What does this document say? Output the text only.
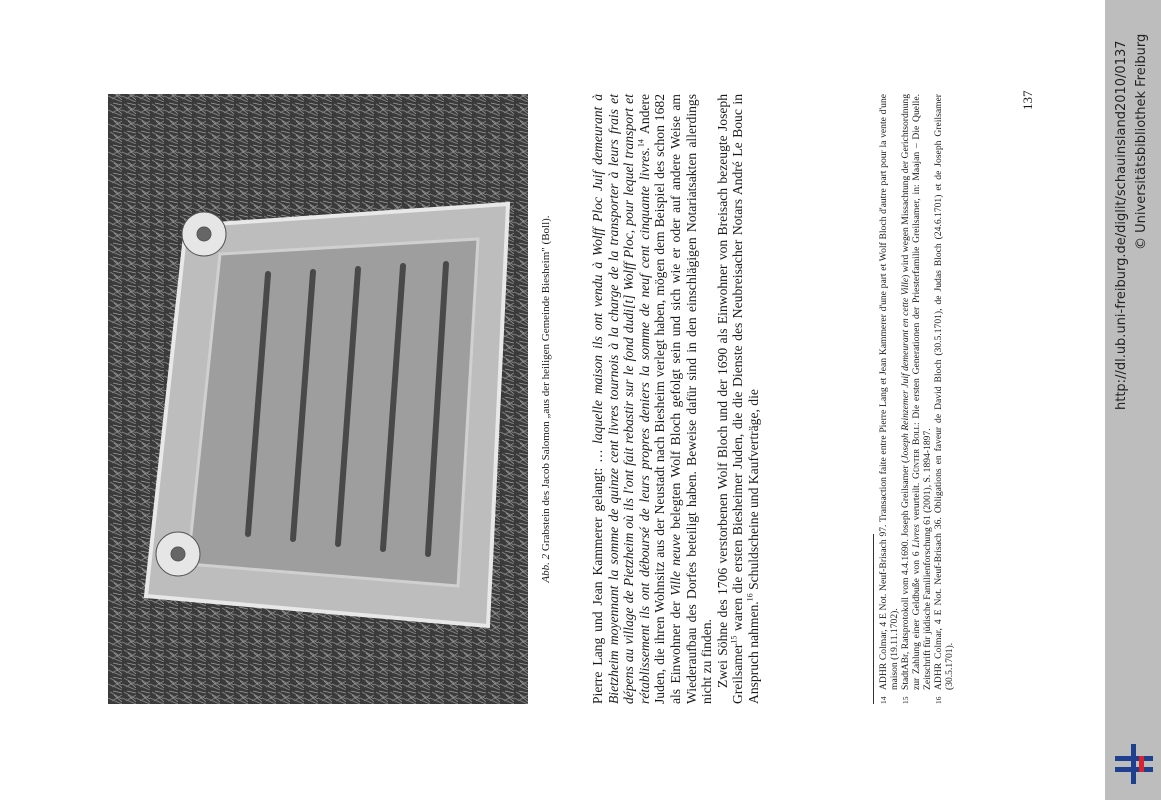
Abb. 2 Grabstein des Jacob Salomon „aus der heiligen Gemeinde Biesheim" (Boll).

Pierre Lang und Jean Kammerer gelangt: … laquelle maison ils ont vendu à Wolff Ploc Juif demeurant à Bietzheim moyennant la somme de quinze cent livres tournois à la charge de la transporter à leurs frais et dépens au village de Pietzheim où ils l'ont fait rebastir sur le fond dudi[t] Wolff Ploc, pour lequel transport et rétablissement ils ont déboursé de leurs propres deniers la somme de neuf cent cinquante livres.$^{14}$ Andere Juden, die ihren Wohnsitz aus der Neustadt nach Biesheim verlegt haben, mögen dem Beispiel des schon 1682 als Einwohner der Ville neuve belegten Wolf Bloch gefolgt sein und sich wie er oder auf andere Weise am Wiederaufbau des Dorfes beteiligt haben. Beweise dafür sind in den einschlägigen Notariatsakten allerdings nicht zu finden. Zwei Söhne des 1706 verstorbenen Wolf Bloch und der 1690 als Einwohner von Breisach bezeugte Joseph Greilsamer$^{15}$ waren die ersten Biesheimer Juden, die die Dienste des Neubreisacher Notars André Le Bouc in Anspruch nahmen.$^{16}$ Schuldscheine und Kaufverträge, die

14
ADHR Colmar, 4 E Not. Neuf-Brisach 97. Transaction faite entre Pierre Lang et Jean Kammerer d'une part et Wolf Bloch d'autre part pour la vente d'une maison (19.11.1702).

15
StadtABr, Ratsprotokoll vom 4.4.1690. Joseph Greilsamer (Joseph Reinzemer Juif demeurant en cette Ville) wird wegen Missachtung der Gerichtsordnung zur Zahlung einer Geldbuße von 6 Livres verurteilt. Günter Boll: Die ersten Generationen der Priesterfamilie Greilsamer, in: Maajan – Die Quelle. Zeitschrift für jüdische Familienforschung 61 (2001), S. 1894-1897.

16
ADHR Colmar, 4 E Not. Neuf-Brisach 36. Obligations en faveur de David Bloch (30.5.1701), de Judas Bloch (24.6.1701) et de Joseph Greilsamer (30.5.1701).

137	http://dl.ub.uni-freiburg.de/diglit/schauinsland2010/0137 © Universitätsbibliothek Freiburg
